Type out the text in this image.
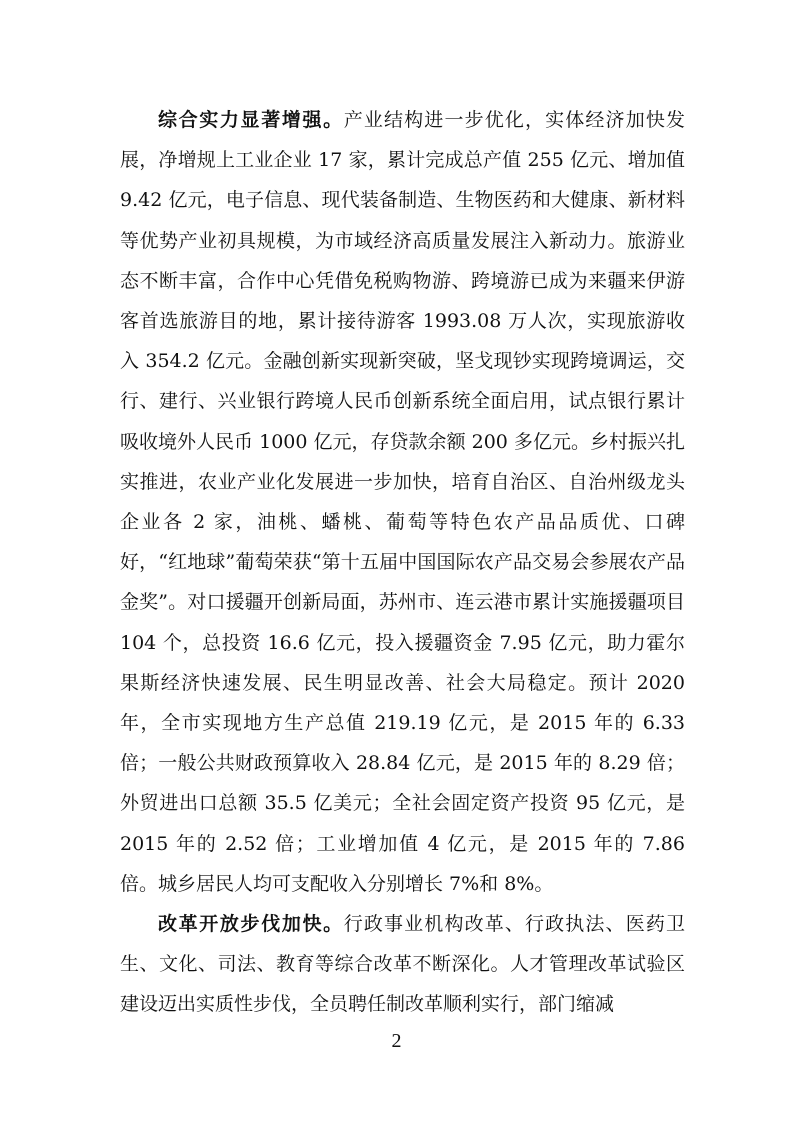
综合实力显著增强。产业结构进一步优化，实体经济加快发展，净增规上工业企业 17 家，累计完成总产值 255 亿元、增加值 9.42 亿元，电子信息、现代装备制造、生物医药和大健康、新材料等优势产业初具规模，为市域经济高质量发展注入新动力。旅游业态不断丰富，合作中心凭借免税购物游、跨境游已成为来疆来伊游客首选旅游目的地，累计接待游客 1993.08 万人次，实现旅游收入 354.2 亿元。金融创新实现新突破，坚戈现钞实现跨境调运，交行、建行、兴业银行跨境人民币创新系统全面启用，试点银行累计吸收境外人民币 1000 亿元，存贷款余额 200 多亿元。乡村振兴扎实推进，农业产业化发展进一步加快，培育自治区、自治州级龙头企业各 2 家，油桃、蟠桃、葡萄等特色农产品品质优、口碑好，“红地球”葡萄荣获“第十五届中国国际农产品交易会参展农产品金奖”。对口援疆开创新局面，苏州市、连云港市累计实施援疆项目 104 个，总投资 16.6 亿元，投入援疆资金 7.95 亿元，助力霍尔果斯经济快速发展、民生明显改善、社会大局稳定。预计 2020 年，全市实现地方生产总值 219.19 亿元，是 2015 年的 6.33 倍；一般公共财政预算收入 28.84 亿元，是 2015 年的 8.29 倍；外贸进出口总额 35.5 亿美元；全社会固定资产投资 95 亿元，是 2015 年的 2.52 倍；工业增加值 4 亿元，是 2015 年的 7.86 倍。城乡居民人均可支配收入分别增长 7%和 8%。

改革开放步伐加快。行政事业机构改革、行政执法、医药卫生、文化、司法、教育等综合改革不断深化。人才管理改革试验区建设迈出实质性步伐，全员聘任制改革顺利实行，部门缩减

2
